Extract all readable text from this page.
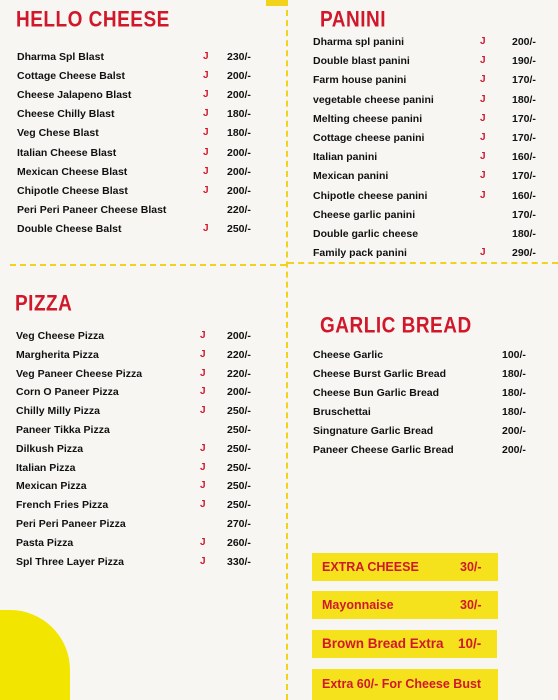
HELLO CHEESE	PANINI
PIZZA
GARLIC BREAD
EXTRA CHEESE	30/-
Mayonnaise	30/-
Brown Bread Extra 10/-
Extra 60/- For Cheese Bust
Dharma Spl Blast	J 230/-
Cottage Cheese Balst	J 200/-
Cheese Jalapeno Blast	J 200/-
Cheese Chilly Blast	J 180/-
Veg Chese Blast	J 180/-
Italian Cheese Blast	J 200/-
Mexican Cheese Blast	J 200/-
Chipotle Cheese Blast	J 200/-
Peri Peri Paneer Cheese Blast	220/-
Double Cheese Balst	J 250/-
Dharma spl panini	J	200/-
Double blast panini	J	190/-
Farm house panini	J	170/-
vegetable cheese panini	J	180/-
Melting cheese panini	J	170/-
Cottage cheese panini	J	170/-
Italian panini	J	160/-
Mexican panini	J	170/-
Chipotle cheese panini	J	160/-
Cheese garlic panini	170/-
Double garlic cheese	180/-
Family pack panini	J	290/-
Veg Cheese Pizza	J 200/-
Margherita Pizza	J 220/-
Veg Paneer Cheese Pizza	J 220/-
Corn O Paneer Pizza	J 200/-
Chilly Milly Pizza	J 250/-
Paneer Tikka Pizza	250/-
Dilkush Pizza	J 250/-
Italian Pizza	J 250/-
Mexican Pizza	J 250/-
French Fries Pizza	J 250/-
Peri Peri Paneer Pizza	270/-
Pasta Pizza	J 260/-
Spl Three Layer Pizza	J 330/-
Cheese Garlic	100/-
Cheese Burst Garlic Bread	180/-
Cheese Bun Garlic Bread	180/-
Bruschettai	180/-
Singnature Garlic Bread	200/-
Paneer Cheese Garlic Bread	200/-
